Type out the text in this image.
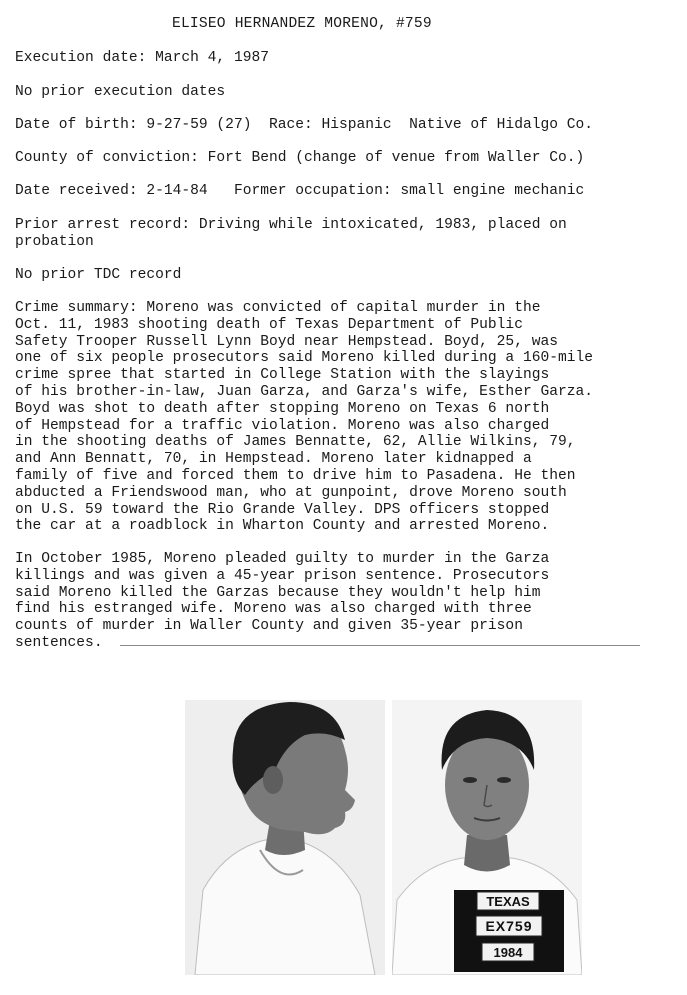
ELISEO HERNANDEZ MORENO, #759
Execution date: March 4, 1987
No prior execution dates
Date of birth: 9-27-59 (27)  Race: Hispanic  Native of Hidalgo Co.
County of conviction: Fort Bend (change of venue from Waller Co.)
Date received: 2-14-84   Former occupation: small engine mechanic
Prior arrest record: Driving while intoxicated, 1983, placed on
probation
No prior TDC record
Crime summary: Moreno was convicted of capital murder in the
Oct. 11, 1983 shooting death of Texas Department of Public
Safety Trooper Russell Lynn Boyd near Hempstead. Boyd, 25, was
one of six people prosecutors said Moreno killed during a 160-mile
crime spree that started in College Station with the slayings
of his brother-in-law, Juan Garza, and Garza's wife, Esther Garza.
Boyd was shot to death after stopping Moreno on Texas 6 north
of Hempstead for a traffic violation. Moreno was also charged
in the shooting deaths of James Bennatte, 62, Allie Wilkins, 79,
and Ann Bennatt, 70, in Hempstead. Moreno later kidnapped a
family of five and forced them to drive him to Pasadena. He then
abducted a Friendswood man, who at gunpoint, drove Moreno south
on U.S. 59 toward the Rio Grande Valley. DPS officers stopped
the car at a roadblock in Wharton County and arrested Moreno.
In October 1985, Moreno pleaded guilty to murder in the Garza
killings and was given a 45-year prison sentence. Prosecutors
said Moreno killed the Garzas because they wouldn't help him
find his estranged wife. Moreno was also charged with three
counts of murder in Waller County and given 35-year prison
sentences.
TEXAS
EX759
1984
